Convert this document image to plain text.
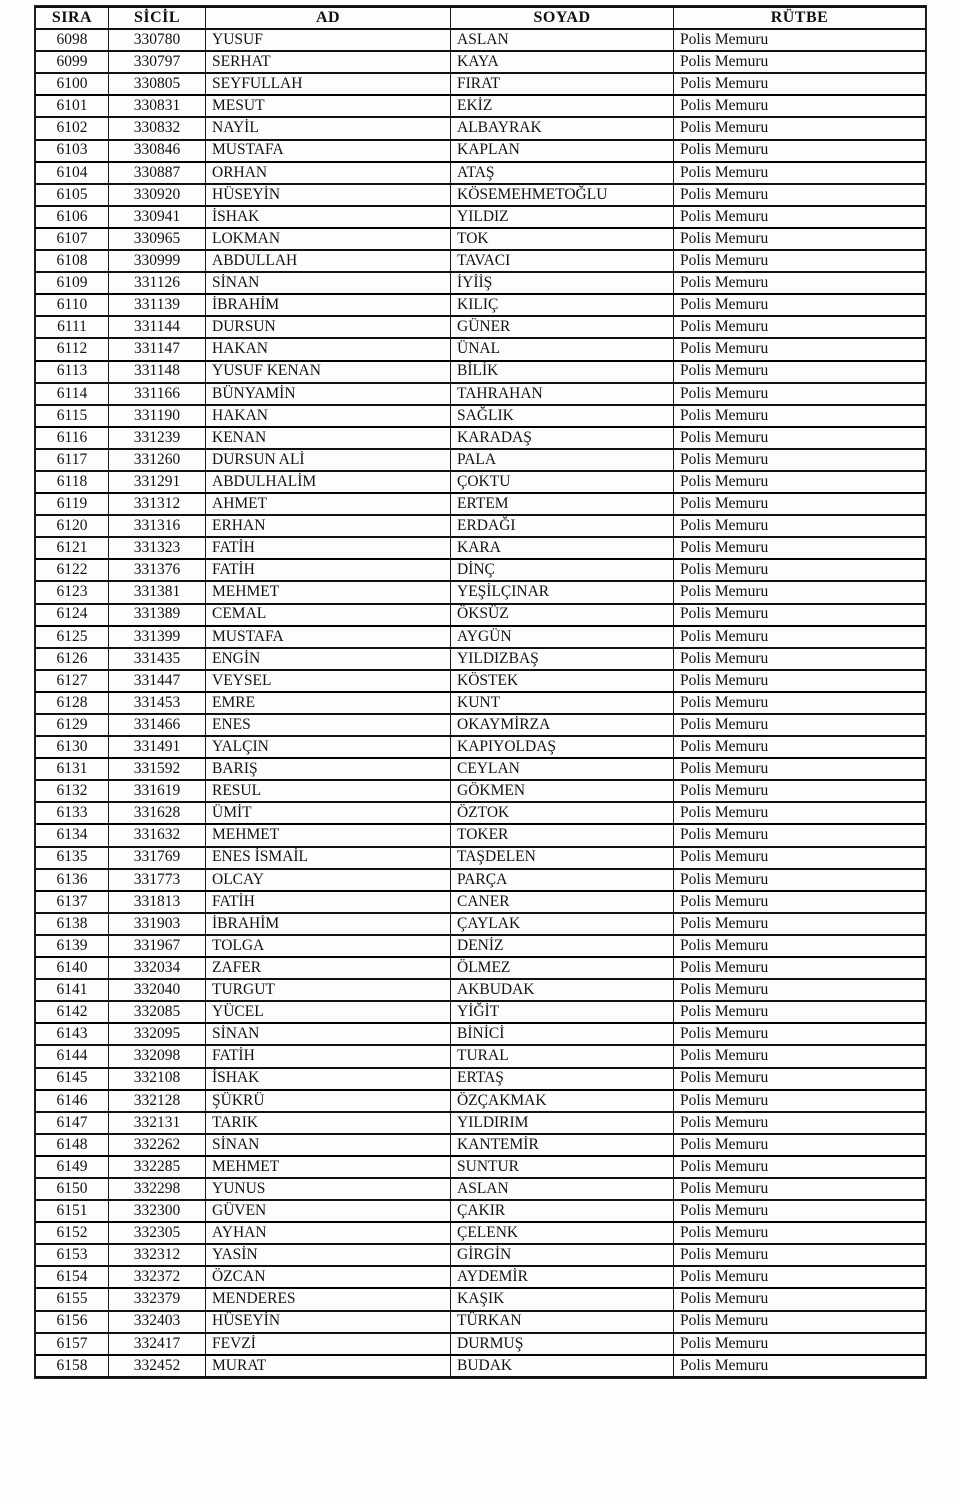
SIRA	SİCİL	AD	SOYAD	RÜTBE
6098	330780	YUSUF	ASLAN	Polis Memuru
6099	330797	SERHAT	KAYA	Polis Memuru
6100	330805	SEYFULLAH	FIRAT	Polis Memuru
6101	330831	MESUT	EKİZ	Polis Memuru
6102	330832	NAYİL	ALBAYRAK	Polis Memuru
6103	330846	MUSTAFA	KAPLAN	Polis Memuru
6104	330887	ORHAN	ATAŞ	Polis Memuru
6105	330920	HÜSEYİN	KÖSEMEHMETOĞLU	Polis Memuru
6106	330941	İSHAK	YILDIZ	Polis Memuru
6107	330965	LOKMAN	TOK	Polis Memuru
6108	330999	ABDULLAH	TAVACI	Polis Memuru
6109	331126	SİNAN	İYİİŞ	Polis Memuru
6110	331139	İBRAHİM	KILIÇ	Polis Memuru
6111	331144	DURSUN	GÜNER	Polis Memuru
6112	331147	HAKAN	ÜNAL	Polis Memuru
6113	331148	YUSUF KENAN	BİLİK	Polis Memuru
6114	331166	BÜNYAMİN	TAHRAHAN	Polis Memuru
6115	331190	HAKAN	SAĞLIK	Polis Memuru
6116	331239	KENAN	KARADAŞ	Polis Memuru
6117	331260	DURSUN ALİ	PALA	Polis Memuru
6118	331291	ABDULHALİM	ÇOKTU	Polis Memuru
6119	331312	AHMET	ERTEM	Polis Memuru
6120	331316	ERHAN	ERDAĞI	Polis Memuru
6121	331323	FATİH	KARA	Polis Memuru
6122	331376	FATİH	DİNÇ	Polis Memuru
6123	331381	MEHMET	YEŞİLÇINAR	Polis Memuru
6124	331389	CEMAL	ÖKSÜZ	Polis Memuru
6125	331399	MUSTAFA	AYGÜN	Polis Memuru
6126	331435	ENGİN	YILDIZBAŞ	Polis Memuru
6127	331447	VEYSEL	KÖSTEK	Polis Memuru
6128	331453	EMRE	KUNT	Polis Memuru
6129	331466	ENES	OKAYMİRZA	Polis Memuru
6130	331491	YALÇIN	KAPIYOLDAŞ	Polis Memuru
6131	331592	BARIŞ	CEYLAN	Polis Memuru
6132	331619	RESUL	GÖKMEN	Polis Memuru
6133	331628	ÜMİT	ÖZTOK	Polis Memuru
6134	331632	MEHMET	TOKER	Polis Memuru
6135	331769	ENES İSMAİL	TAŞDELEN	Polis Memuru
6136	331773	OLCAY	PARÇA	Polis Memuru
6137	331813	FATİH	CANER	Polis Memuru
6138	331903	İBRAHİM	ÇAYLAK	Polis Memuru
6139	331967	TOLGA	DENİZ	Polis Memuru
6140	332034	ZAFER	ÖLMEZ	Polis Memuru
6141	332040	TURGUT	AKBUDAK	Polis Memuru
6142	332085	YÜCEL	YİĞİT	Polis Memuru
6143	332095	SİNAN	BİNİCİ	Polis Memuru
6144	332098	FATİH	TURAL	Polis Memuru
6145	332108	İSHAK	ERTAŞ	Polis Memuru
6146	332128	ŞÜKRÜ	ÖZÇAKMAK	Polis Memuru
6147	332131	TARIK	YILDIRIM	Polis Memuru
6148	332262	SİNAN	KANTEMİR	Polis Memuru
6149	332285	MEHMET	SUNTUR	Polis Memuru
6150	332298	YUNUS	ASLAN	Polis Memuru
6151	332300	GÜVEN	ÇAKIR	Polis Memuru
6152	332305	AYHAN	ÇELENK	Polis Memuru
6153	332312	YASİN	GİRGİN	Polis Memuru
6154	332372	ÖZCAN	AYDEMİR	Polis Memuru
6155	332379	MENDERES	KAŞIK	Polis Memuru
6156	332403	HÜSEYİN	TÜRKAN	Polis Memuru
6157	332417	FEVZİ	DURMUŞ	Polis Memuru
6158	332452	MURAT	BUDAK	Polis Memuru
